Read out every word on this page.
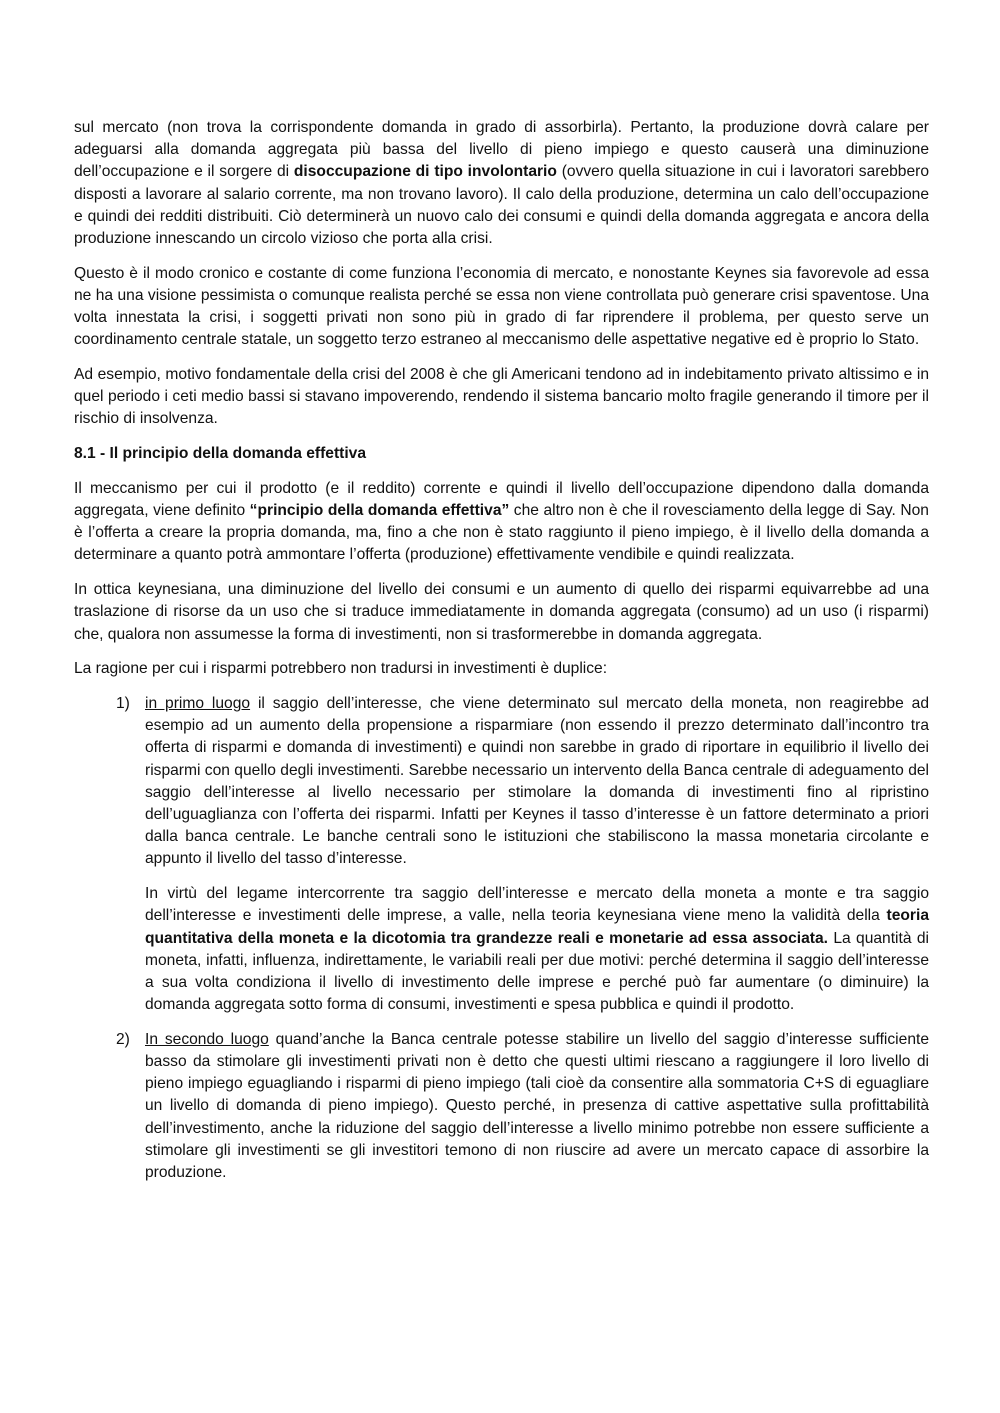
sul mercato (non trova la corrispondente domanda in grado di assorbirla). Pertanto, la produzione dovrà calare per adeguarsi alla domanda aggregata più bassa del livello di pieno impiego e questo causerà una diminuzione dell’occupazione e il sorgere di disoccupazione di tipo involontario (ovvero quella situazione in cui i lavoratori sarebbero disposti a lavorare al salario corrente, ma non trovano lavoro). Il calo della produzione, determina un calo dell’occupazione e quindi dei redditi distribuiti. Ciò determinerà un nuovo calo dei consumi e quindi della domanda aggregata e ancora della produzione innescando un circolo vizioso che porta alla crisi.

Questo è il modo cronico e costante di come funziona l’economia di mercato, e nonostante Keynes sia favorevole ad essa ne ha una visione pessimista o comunque realista perché se essa non viene controllata può generare crisi spaventose. Una volta innestata la crisi, i soggetti privati non sono più in grado di far riprendere il problema, per questo serve un coordinamento centrale statale, un soggetto terzo estraneo al meccanismo delle aspettative negative ed è proprio lo Stato.

Ad esempio, motivo fondamentale della crisi del 2008 è che gli Americani tendono ad in indebitamento privato altissimo e in quel periodo i ceti medio bassi si stavano impoverendo, rendendo il sistema bancario molto fragile generando il timore per il rischio di insolvenza.

8.1 - Il principio della domanda effettiva

Il meccanismo per cui il prodotto (e il reddito) corrente e quindi il livello dell’occupazione dipendono dalla domanda aggregata, viene definito “principio della domanda effettiva” che altro non è che il rovesciamento della legge di Say. Non è l’offerta a creare la propria domanda, ma, fino a che non è stato raggiunto il pieno impiego, è il livello della domanda a determinare a quanto potrà ammontare l’offerta (produzione) effettivamente vendibile e quindi realizzata.

In ottica keynesiana, una diminuzione del livello dei consumi e un aumento di quello dei risparmi equivarrebbe ad una traslazione di risorse da un uso che si traduce immediatamente in domanda aggregata (consumo) ad un uso (i risparmi) che, qualora non assumesse la forma di investimenti, non si trasformerebbe in domanda aggregata.

La ragione per cui i risparmi potrebbero non tradursi in investimenti è duplice:

1) in primo luogo il saggio dell’interesse, che viene determinato sul mercato della moneta, non reagirebbe ad esempio ad un aumento della propensione a risparmiare (non essendo il prezzo determinato dall’incontro tra offerta di risparmi e domanda di investimenti) e quindi non sarebbe in grado di riportare in equilibrio il livello dei risparmi con quello degli investimenti. Sarebbe necessario un intervento della Banca centrale di adeguamento del saggio dell’interesse al livello necessario per stimolare la domanda di investimenti fino al ripristino dell’uguaglianza con l’offerta dei risparmi. Infatti per Keynes il tasso d’interesse è un fattore determinato a priori dalla banca centrale. Le banche centrali sono le istituzioni che stabiliscono la massa monetaria circolante e appunto il livello del tasso d’interesse.

In virtù del legame intercorrente tra saggio dell’interesse e mercato della moneta a monte e tra saggio dell’interesse e investimenti delle imprese, a valle, nella teoria keynesiana viene meno la validità della teoria quantitativa della moneta e la dicotomia tra grandezze reali e monetarie ad essa associata. La quantità di moneta, infatti, influenza, indirettamente, le variabili reali per due motivi: perché determina il saggio dell’interesse a sua volta condiziona il livello di investimento delle imprese e perché può far aumentare (o diminuire) la domanda aggregata sotto forma di consumi, investimenti e spesa pubblica e quindi il prodotto.

2) In secondo luogo quand’anche la Banca centrale potesse stabilire un livello del saggio d’interesse sufficiente basso da stimolare gli investimenti privati non è detto che questi ultimi riescano a raggiungere il loro livello di pieno impiego eguagliando i risparmi di pieno impiego (tali cioè da consentire alla sommatoria C+S di eguagliare un livello di domanda di pieno impiego). Questo perché, in presenza di cattive aspettative sulla profittabilità dell’investimento, anche la riduzione del saggio dell’interesse a livello minimo potrebbe non essere sufficiente a stimolare gli investimenti se gli investitori temono di non riuscire ad avere un mercato capace di assorbire la produzione.
